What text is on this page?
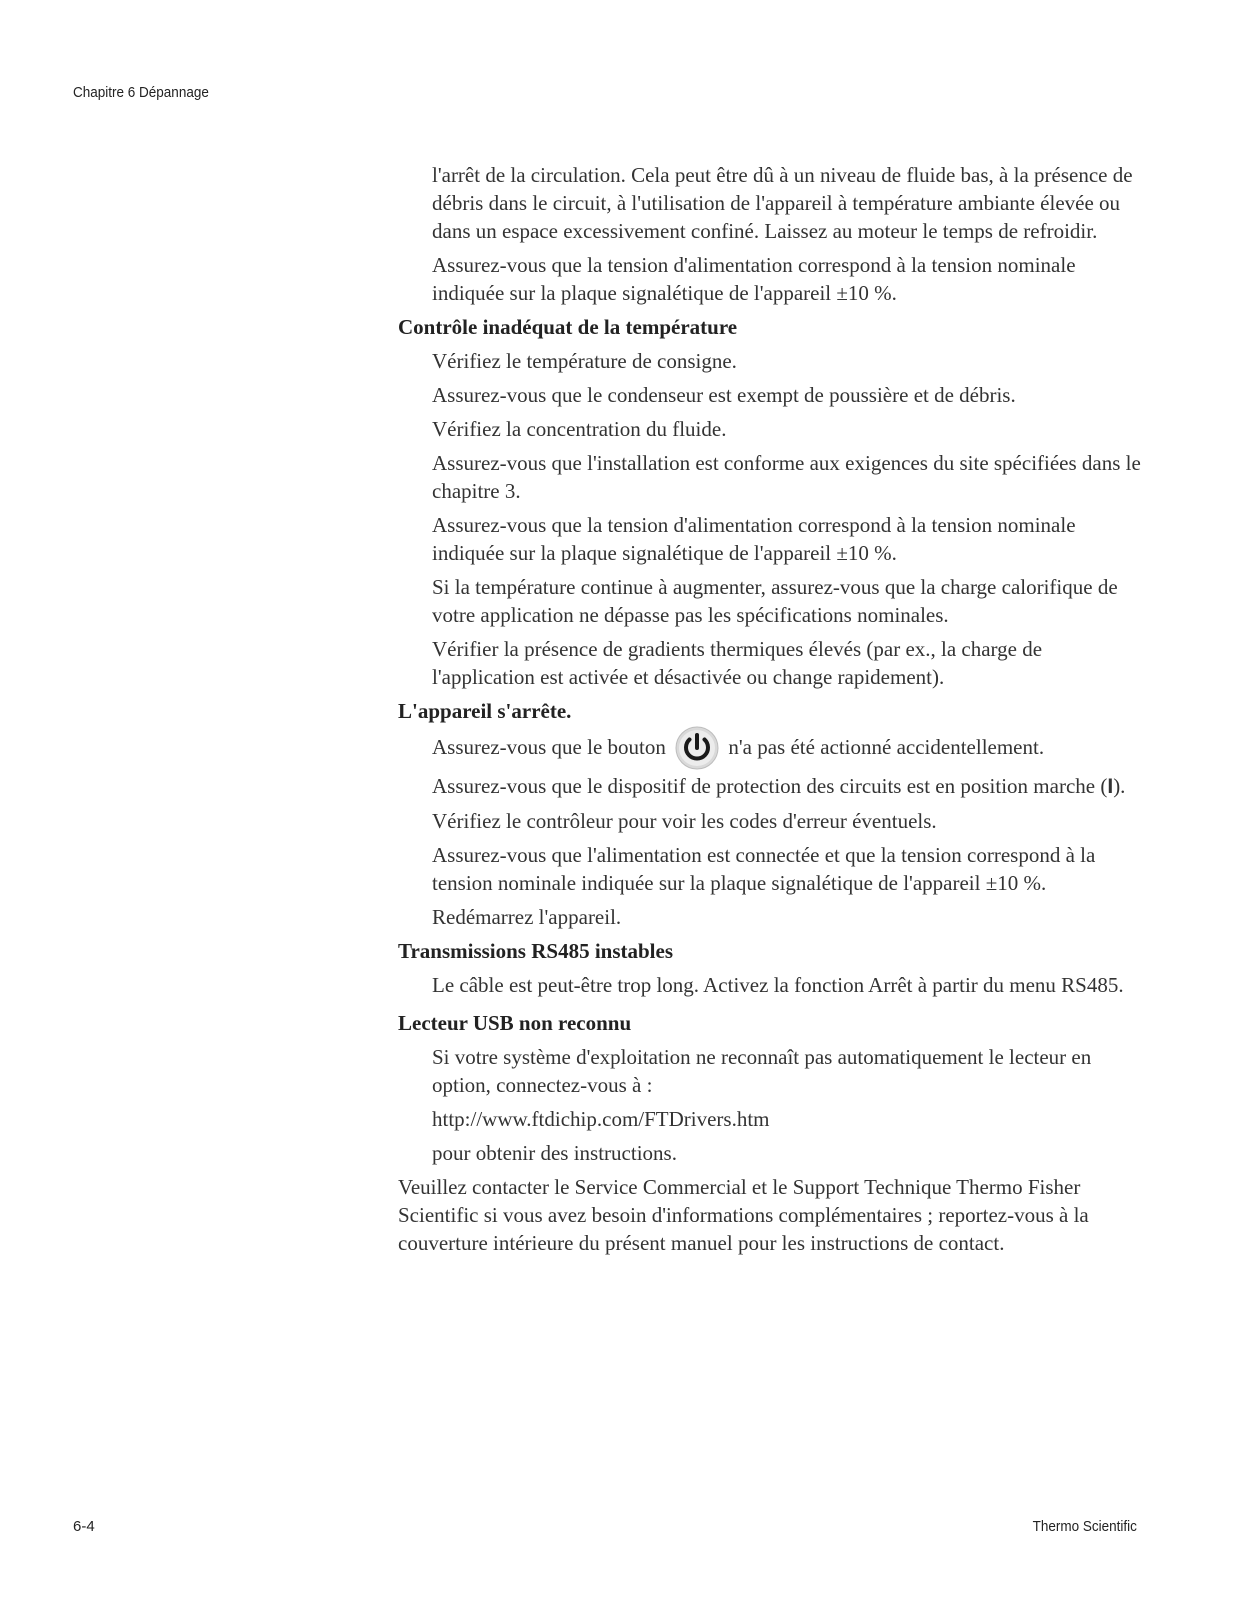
Chapitre 6 Dépannage

l'arrêt de la circulation. Cela peut être dû à un niveau de fluide bas, à la présence de débris dans le circuit, à l'utilisation de l'appareil à température ambiante élevée ou dans un espace excessivement confiné. Laissez au moteur le temps de refroidir.

Assurez-vous que la tension d'alimentation correspond à la tension nominale indiquée sur la plaque signalétique de l'appareil ±10 %.

Contrôle inadéquat de la température

Vérifiez le température de consigne.

Assurez-vous que le condenseur est exempt de poussière et de débris.

Vérifiez la concentration du fluide.

Assurez-vous que l'installation est conforme aux exigences du site spécifiées dans le chapitre 3.

Assurez-vous que la tension d'alimentation correspond à la tension nominale indiquée sur la plaque signalétique de l'appareil ±10 %.

Si la température continue à augmenter, assurez-vous que la charge calorifique de votre application ne dépasse pas les spécifications nominales.

Vérifier la présence de gradients thermiques élevés (par ex., la charge de l'application est activée et désactivée ou change rapidement).

L'appareil s'arrête.

Assurez-vous que le bouton	n'a pas été actionné accidentellement.

Assurez-vous que le dispositif de protection des circuits est en position marche (I).

Vérifiez le contrôleur pour voir les codes d'erreur éventuels.

Assurez-vous que l'alimentation est connectée et que la tension correspond à la tension nominale indiquée sur la plaque signalétique de l'appareil ±10 %.

Redémarrez l'appareil.

Transmissions RS485 instables

Le câble est peut-être trop long. Activez la fonction Arrêt à partir du menu RS485.

Lecteur USB non reconnu

Si votre système d'exploitation ne reconnaît pas automatiquement le lecteur en option, connectez-vous à :

http://www.ftdichip.com/FTDrivers.htm

pour obtenir des instructions.

Veuillez contacter le Service Commercial et le Support Technique Thermo Fisher Scientific si vous avez besoin d'informations complémentaires ; reportez-vous à la couverture intérieure du présent manuel pour les instructions de contact.

6-4	Thermo Scientific
